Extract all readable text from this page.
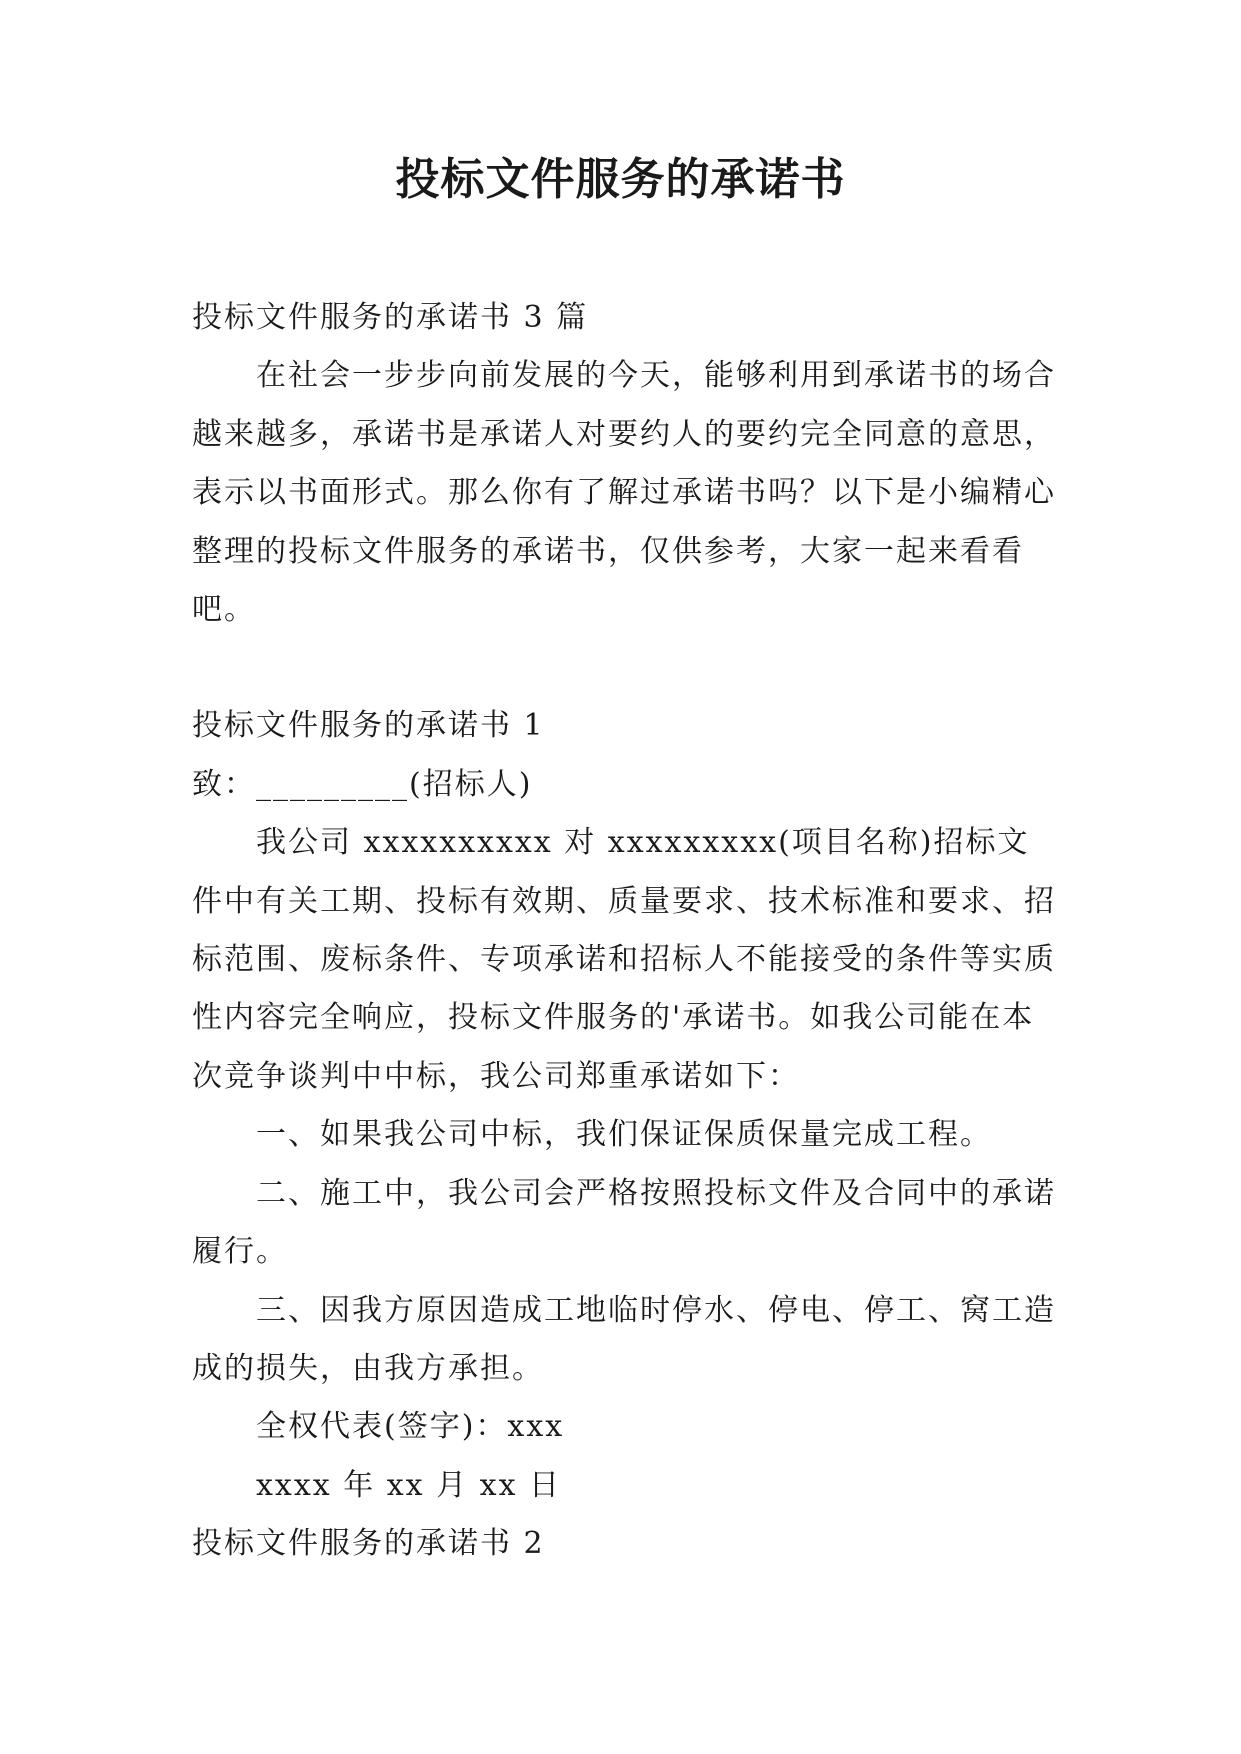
投标文件服务的承诺书

投标文件服务的承诺书 3 篇

在社会一步步向前发展的今天，能够利用到承诺书的场合越来越多，承诺书是承诺人对要约人的要约完全同意的意思，表示以书面形式。那么你有了解过承诺书吗？以下是小编精心整理的投标文件服务的承诺书，仅供参考，大家一起来看看吧。

投标文件服务的承诺书 1

致：_________(招标人)

我公司 xxxxxxxxxx 对 xxxxxxxxx(项目名称)招标文件中有关工期、投标有效期、质量要求、技术标准和要求、招标范围、废标条件、专项承诺和招标人不能接受的条件等实质性内容完全响应，投标文件服务的'承诺书。如我公司能在本次竞争谈判中中标，我公司郑重承诺如下：

一、如果我公司中标，我们保证保质保量完成工程。

二、施工中，我公司会严格按照投标文件及合同中的承诺履行。

三、因我方原因造成工地临时停水、停电、停工、窝工造成的损失，由我方承担。

全权代表(签字)：xxx

xxxx 年 xx 月 xx 日

投标文件服务的承诺书 2
